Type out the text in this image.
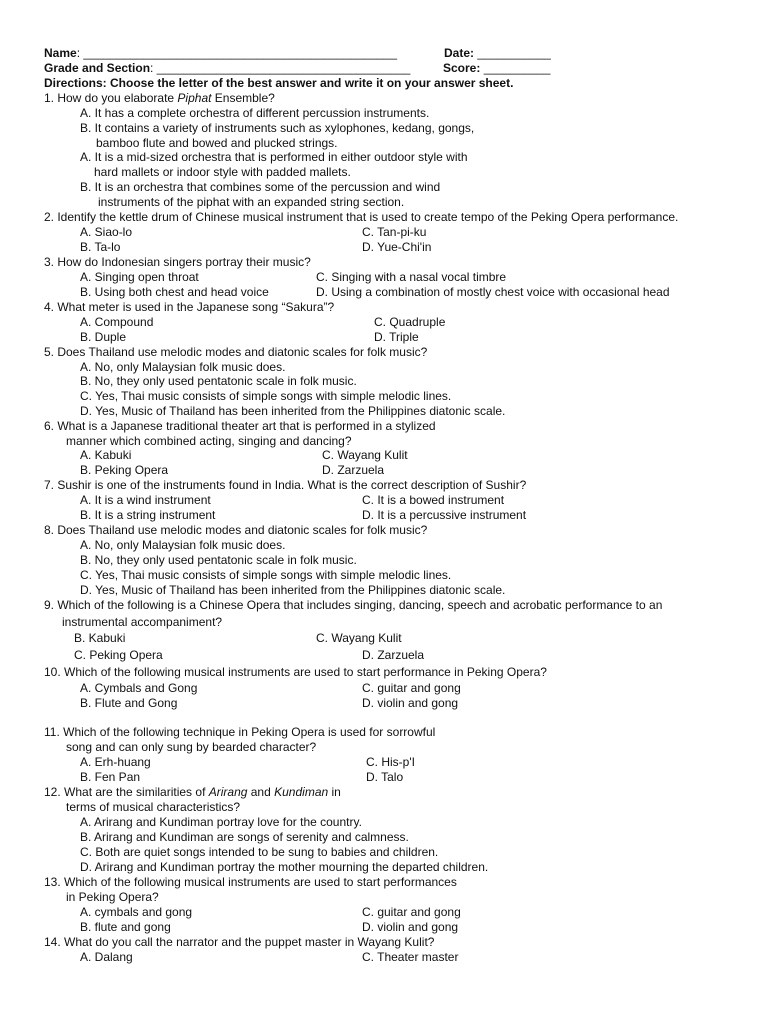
Name: _______________________________________________	Date: ___________
Grade and Section: ______________________________________	Score: __________
Directions: Choose the letter of the best answer and write it on your answer sheet.
1. How do you elaborate Piphat Ensemble?
A. It has a complete orchestra of different percussion instruments.
B. It contains a variety of instruments such as xylophones, kedang, gongs,
bamboo flute and bowed and plucked strings.
A. It is a mid-sized orchestra that is performed in either outdoor style with
hard mallets or indoor style with padded mallets.
B. It is an orchestra that combines some of the percussion and wind
instruments of the piphat with an expanded string section.
2. Identify the kettle drum of Chinese musical instrument that is used to create tempo of the Peking Opera performance.
A. Siao-lo	C. Tan-pi-ku
B. Ta-lo	D. Yue-Chi'in
3. How do Indonesian singers portray their music?
A. Singing open throat	C. Singing with a nasal vocal timbre
B. Using both chest and head voice	D. Using a combination of mostly chest voice with occasional head
4. What meter is used in the Japanese song “Sakura”?
A. Compound	C. Quadruple
B. Duple	D. Triple
5. Does Thailand use melodic modes and diatonic scales for folk music?
A. No, only Malaysian folk music does.
B. No, they only used pentatonic scale in folk music.
C. Yes, Thai music consists of simple songs with simple melodic lines.
D. Yes, Music of Thailand has been inherited from the Philippines diatonic scale.
6. What is a Japanese traditional theater art that is performed in a stylized
manner which combined acting, singing and dancing?
A. Kabuki	C. Wayang Kulit
B. Peking Opera	D. Zarzuela
7. Sushir is one of the instruments found in India. What is the correct description of Sushir?
A. It is a wind instrument	C. It is a bowed instrument
B. It is a string instrument	D. It is a percussive instrument
8. Does Thailand use melodic modes and diatonic scales for folk music?
A. No, only Malaysian folk music does.
B. No, they only used pentatonic scale in folk music.
C. Yes, Thai music consists of simple songs with simple melodic lines.
D. Yes, Music of Thailand has been inherited from the Philippines diatonic scale.
9. Which of the following is a Chinese Opera that includes singing, dancing, speech and acrobatic performance to an
instrumental accompaniment?
B. Kabuki	C. Wayang Kulit
C. Peking Opera	D. Zarzuela
10. Which of the following musical instruments are used to start performance in Peking Opera?
A. Cymbals and Gong	C. guitar and gong
B. Flute and Gong	D. violin and gong
11. Which of the following technique in Peking Opera is used for sorrowful
song and can only sung by bearded character?
A. Erh-huang	C. His-p'I
B. Fen Pan	D. Talo
12. What are the similarities of Arirang and Kundiman in
terms of musical characteristics?
A. Arirang and Kundiman portray love for the country.
B. Arirang and Kundiman are songs of serenity and calmness.
C. Both are quiet songs intended to be sung to babies and children.
D. Arirang and Kundiman portray the mother mourning the departed children.
13. Which of the following musical instruments are used to start performances
in Peking Opera?
A. cymbals and gong	C. guitar and gong
B. flute and gong	D. violin and gong
14. What do you call the narrator and the puppet master in Wayang Kulit?
A. Dalang	C. Theater master
